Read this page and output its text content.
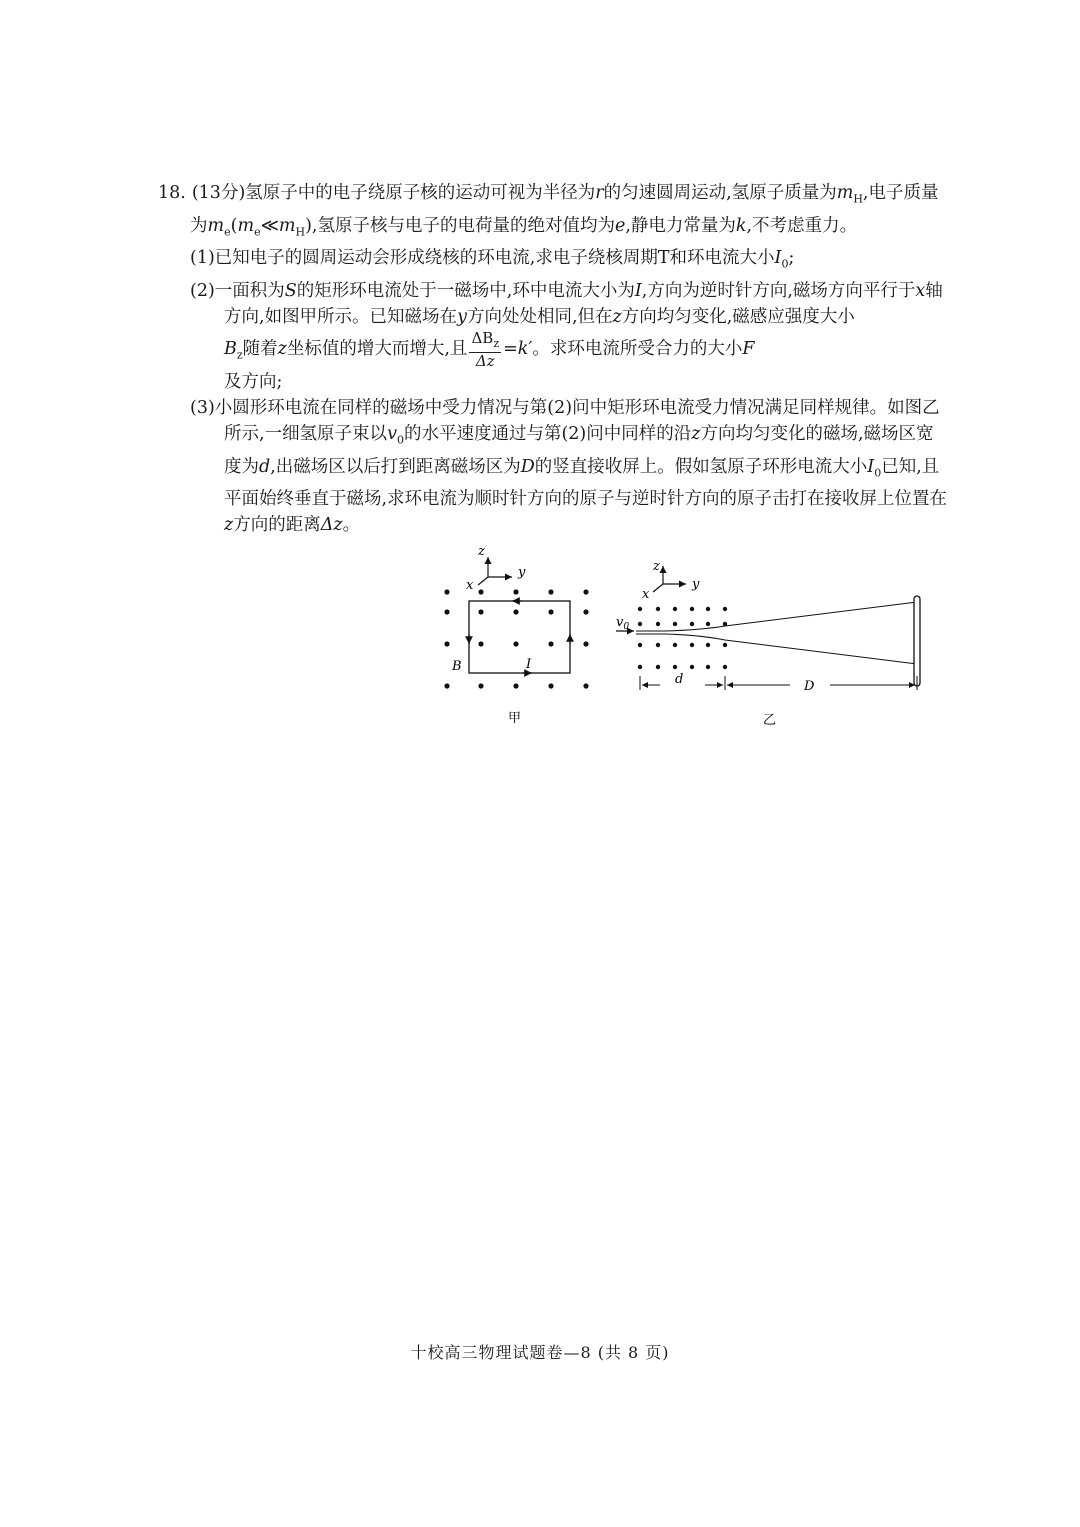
18. (13分)氢原子中的电子绕原子核的运动可视为半径为r的匀速圆周运动,氢原子质量为$m_H$,电子质量为$m_e(m_e≪m_H)$,氢原子核与电子的电荷量的绝对值均为e,静电力常量为k,不考虑重力。

(1)已知电子的圆周运动会形成绕核的环电流,求电子绕核周期T和环电流大小$I_0$;

(2)一面积为S的矩形环电流处于一磁场中,环中电流大小为I,方向为逆时针方向,磁场方向平行于x轴方向,如图甲所示。已知磁场在y方向处处相同,但在z方向均匀变化,磁感应强度大小

$B_z$随着z坐标值的增大而增大,且 $\frac{\Delta B_z}{\Delta z} =k'$。求环电流所受合力的大小F

及方向;

(3)小圆形环电流在同样的磁场中受力情况与第(2)问中矩形环电流受力情况满足同样规律。如图乙所示,一细氢原子束以$v_0$的水平速度通过与第(2)问中同样的沿z方向均匀变化的磁场,磁场区宽度为d,出磁场区以后打到距离磁场区为D的竖直接收屏上。假如氢原子环形电流大小$I_0$已知,且平面始终垂直于磁场,求环电流为顺时针方向的原子与逆时针方向的原子击打在接收屏上位置在z方向的距离Δz。

z
y
x
B	I
甲
z
y
x
$v_0$
d	D
乙
十校高三物理试题卷—8 (共 8 页)
